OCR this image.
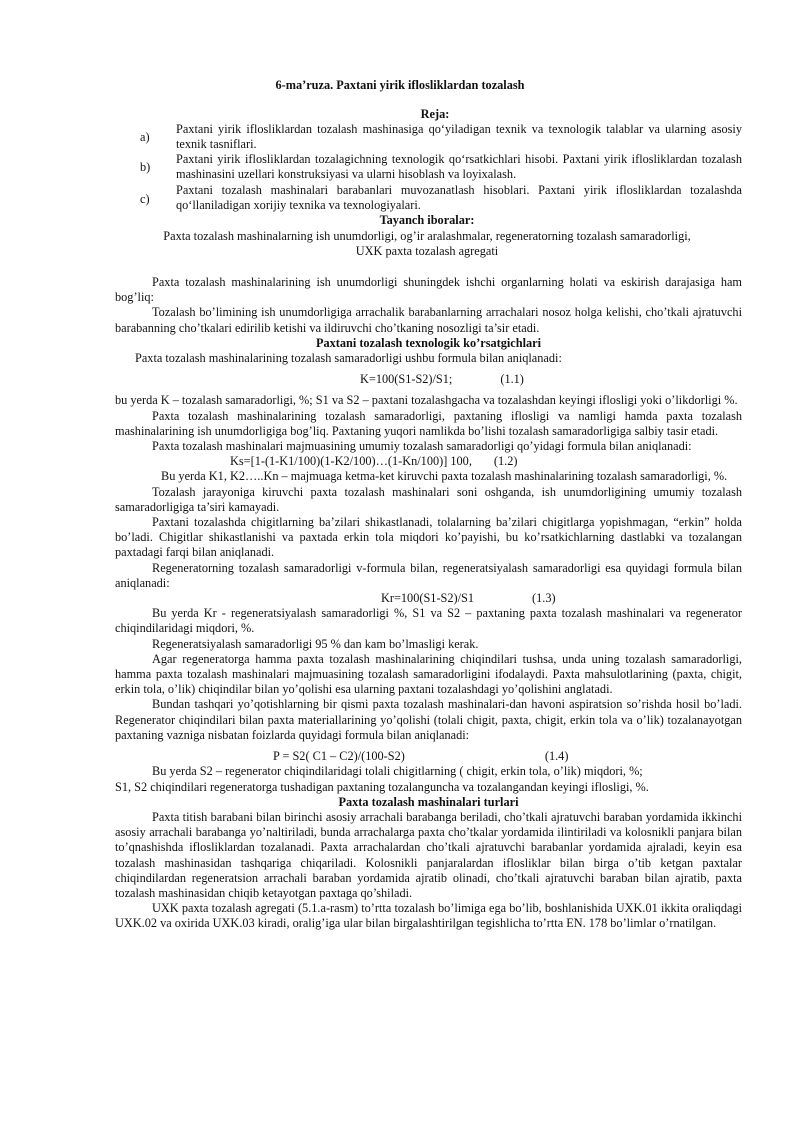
6-ma’ruza. Paxtani yirik iflosliklardan tozalash
Reja:
a)
Paxtani yirik iflosliklardan tozalash mashinasiga qo‘yiladigan texnik va texnologik talablar va ularning asosiy texnik tasniflari.
b)
Paxtani yirik iflosliklardan tozalagichning texnologik qo‘rsatkichlari hisobi. Paxtani yirik iflosliklardan tozalash mashinasini uzellari konstruksiyasi va ularni hisoblash va loyixalash.
c)
Paxtani tozalash mashinalari barabanlari muvozanatlash hisoblari. Paxtani yirik iflosliklardan tozalashda qo‘llaniladigan xorijiy texnika va texnologiyalari.
Tayanch iboralar:
Paxta tozalash mashinalarning ish unumdorligi, og’ir aralashmalar, regeneratorning tozalash samaradorligi,
UXK paxta tozalash agregati

Paxta tozalash mashinalarining ish unumdorligi shuningdek ishchi organlarning holati va eskirish darajasiga ham bog’liq:

Tozalash bo’limining ish unumdorligiga arrachalik barabanlarning arrachalari nosoz holga kelishi, cho’tkali ajratuvchi barabanning cho’tkalari edirilib ketishi va ildiruvchi cho’tkaning nosozligi ta’sir etadi.

Paxtani tozalash texnologik ko’rsatgichlari

Paxta tozalash mashinalarining tozalash samaradorligi ushbu formula bilan aniqlanadi:

K=100(S1-S2)/S1;	(1.1)

bu yerda K – tozalash samaradorligi, %; S1 va S2 – paxtani tozalashgacha va tozalashdan keyingi iflosligi yoki o’likdorligi %.

Paxta tozalash mashinalarining tozalash samaradorligi, paxtaning iflosligi va namligi hamda paxta tozalash mashinalarining ish unumdorligiga bog’liq. Paxtaning yuqori namlikda bo’lishi tozalash samaradorligiga salbiy tasir etadi.

Paxta tozalash mashinalari majmuasining umumiy tozalash samaradorligi qo’yidagi formula bilan aniqlanadi:

Ks=[1-(1-K1/100)(1-K2/100)…(1-Kn/100)] 100, (1.2)

Bu yerda K1, K2…..Kn – majmuaga ketma-ket kiruvchi paxta tozalash mashinalarining tozalash samaradorligi, %.

Tozalash jarayoniga kiruvchi paxta tozalash mashinalari soni oshganda, ish unumdorligining umumiy tozalash samaradorligiga ta’siri kamayadi.

Paxtani tozalashda chigitlarning ba’zilari shikastlanadi, tolalarning ba’zilari chigitlarga yopishmagan, “erkin” holda bo’ladi. Chigitlar shikastlanishi va paxtada erkin tola miqdori ko’payishi, bu ko’rsatkichlarning dastlabki va tozalangan paxtadagi farqi bilan aniqlanadi.

Regeneratorning tozalash samaradorligi v-formula bilan, regeneratsiyalash samaradorligi esa quyidagi formula bilan aniqlanadi:

Kr=100(S1-S2)/S1	(1.3)

Bu yerda Kr - regeneratsiyalash samaradorligi %, S1 va S2 – paxtaning paxta tozalash mashinalari va regenerator chiqindilaridagi miqdori, %.

Regeneratsiyalash samaradorligi 95 % dan kam bo’lmasligi kerak.

Agar regeneratorga hamma paxta tozalash mashinalarining chiqindilari tushsa, unda uning tozalash samaradorligi, hamma paxta tozalash mashinalari majmuasining tozalash samaradorligini ifodalaydi. Paxta mahsulotlarining (paxta, chigit, erkin tola, o’lik) chiqindilar bilan yo’qolishi esa ularning paxtani tozalashdagi yo’qolishini anglatadi.

Bundan tashqari yo’qotishlarning bir qismi paxta tozalash mashinalari-dan havoni aspiratsion so’rishda hosil bo’ladi. Regenerator chiqindilari bilan paxta materiallarining yo’qolishi (tolali chigit, paxta, chigit, erkin tola va o’lik) tozalanayotgan paxtaning vazniga nisbatan foizlarda quyidagi formula bilan aniqlanadi:

P = S2( C1 – C2)/(100-S2)	(1.4)

Bu yerda S2 – regenerator chiqindilaridagi tolali chigitlarning ( chigit, erkin tola, o’lik) miqdori, %;

S1, S2 chiqindilari regeneratorga tushadigan paxtaning tozalanguncha va tozalangandan keyingi iflosligi, %.

Paxta tozalash mashinalari turlari

Paxta titish barabani bilan birinchi asosiy arrachali barabanga beriladi, cho’tkali ajratuvchi baraban yordamida ikkinchi asosiy arrachali barabanga yo’naltiriladi, bunda arrachalarga paxta cho’tkalar yordamida ilintiriladi va kolosnikli panjara bilan to’qnashishda iflosliklardan tozalanadi. Paxta arrachalardan cho’tkali ajratuvchi barabanlar yordamida ajraladi, keyin esa tozalash mashinasidan tashqariga chiqariladi. Kolosnikli panjaralardan iflosliklar bilan birga o’tib ketgan paxtalar chiqindilardan regeneratsion arrachali baraban yordamida ajratib olinadi, cho’tkali ajratuvchi baraban bilan ajratib, paxta tozalash mashinasidan chiqib ketayotgan paxtaga qo’shiladi.

UXK paxta tozalash agregati (5.1.a-rasm) to’rtta tozalash bo’limiga ega bo’lib, boshlanishida UXK.01 ikkita oraliqdagi UXK.02 va oxirida UXK.03 kiradi, oralig’iga ular bilan birgalashtirilgan tegishlicha to’rtta EN. 178 bo’limlar o’rnatilgan.
